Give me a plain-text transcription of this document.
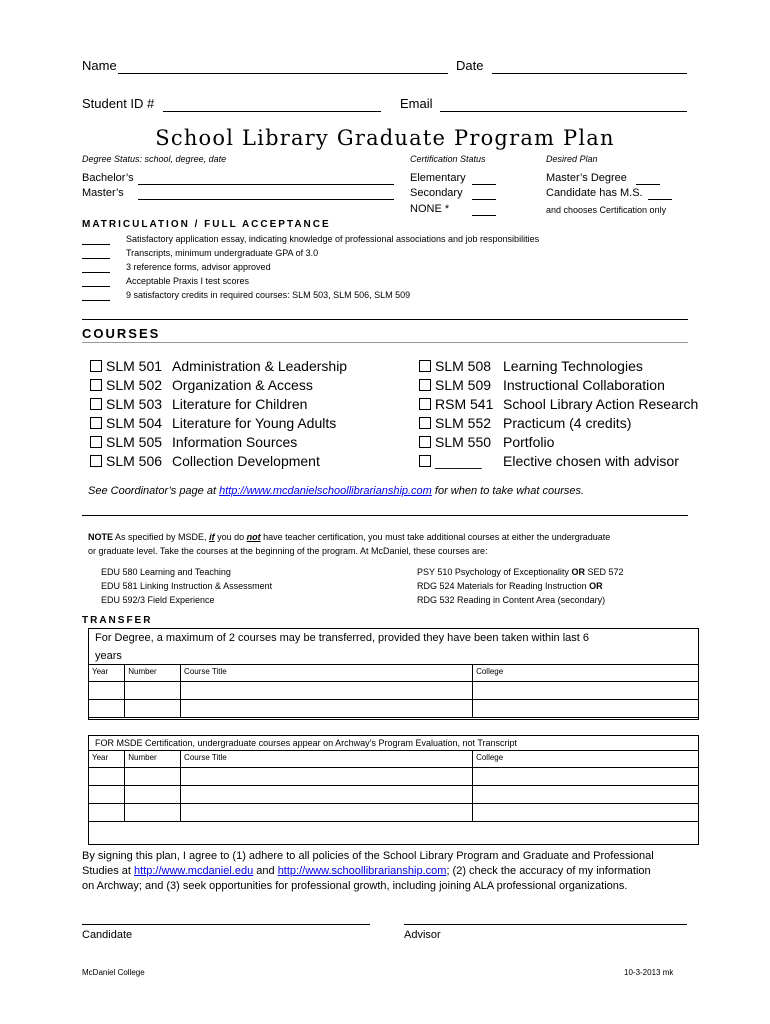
Name	Date
Student ID #	Email
School Library Graduate Program Plan
Degree Status: school, degree, date	Certification Status	Desired Plan
Bachelor’s
Master’s
Elementary
Secondary
NONE *
Master’s Degree
Candidate has M.S.
and chooses Certification only
MATRICULATION / FULL ACCEPTANCE
Satisfactory application essay, indicating knowledge of professional associations and job responsibilities
Transcripts, minimum undergraduate GPA of 3.0
3 reference forms, advisor approved
Acceptable Praxis I test scores
9 satisfactory credits in required courses: SLM 503, SLM 506, SLM 509
COURSES
SLM 501 Administration & Leadership
SLM 502 Organization & Access
SLM 503 Literature for Children
SLM 504 Literature for Young Adults
SLM 505 Information Sources
SLM 506 Collection Development
SLM 508 Learning Technologies
SLM 509 Instructional Collaboration
RSM 541 School Library Action Research
SLM 552 Practicum (4 credits)
SLM 550 Portfolio
______ Elective chosen with advisor
See Coordinator’s page at http://www.mcdanielschoollibrarianship.com for when to take what courses.
NOTE As specified by MSDE, if you do not have teacher certification, you must take additional courses at either the undergraduate
or graduate level. Take the courses at the beginning of the program. At McDaniel, these courses are:
EDU 580 Learning and Teaching
EDU 581 Linking Instruction & Assessment
EDU 592/3 Field Experience
PSY 510 Psychology of Exceptionality OR SED 572
RDG 524 Materials for Reading Instruction OR
RDG 532 Reading in Content Area (secondary)
TRANSFER
For Degree, a maximum of 2 courses may be transferred, provided they have been taken within last 6
years
Year	Number	Course Title	College

FOR MSDE Certification, undergraduate courses appear on Archway’s Program Evaluation, not Transcript
Year	Number	Course Title	College

By signing this plan, I agree to (1) adhere to all policies of the School Library Program and Graduate and Professional
Studies at http://www.mcdaniel.edu and http://www.schoollibrarianship.com; (2) check the accuracy of my information
on Archway; and (3) seek opportunities for professional growth, including joining ALA professional organizations.
Candidate	Advisor
McDaniel College	10-3-2013 mk
